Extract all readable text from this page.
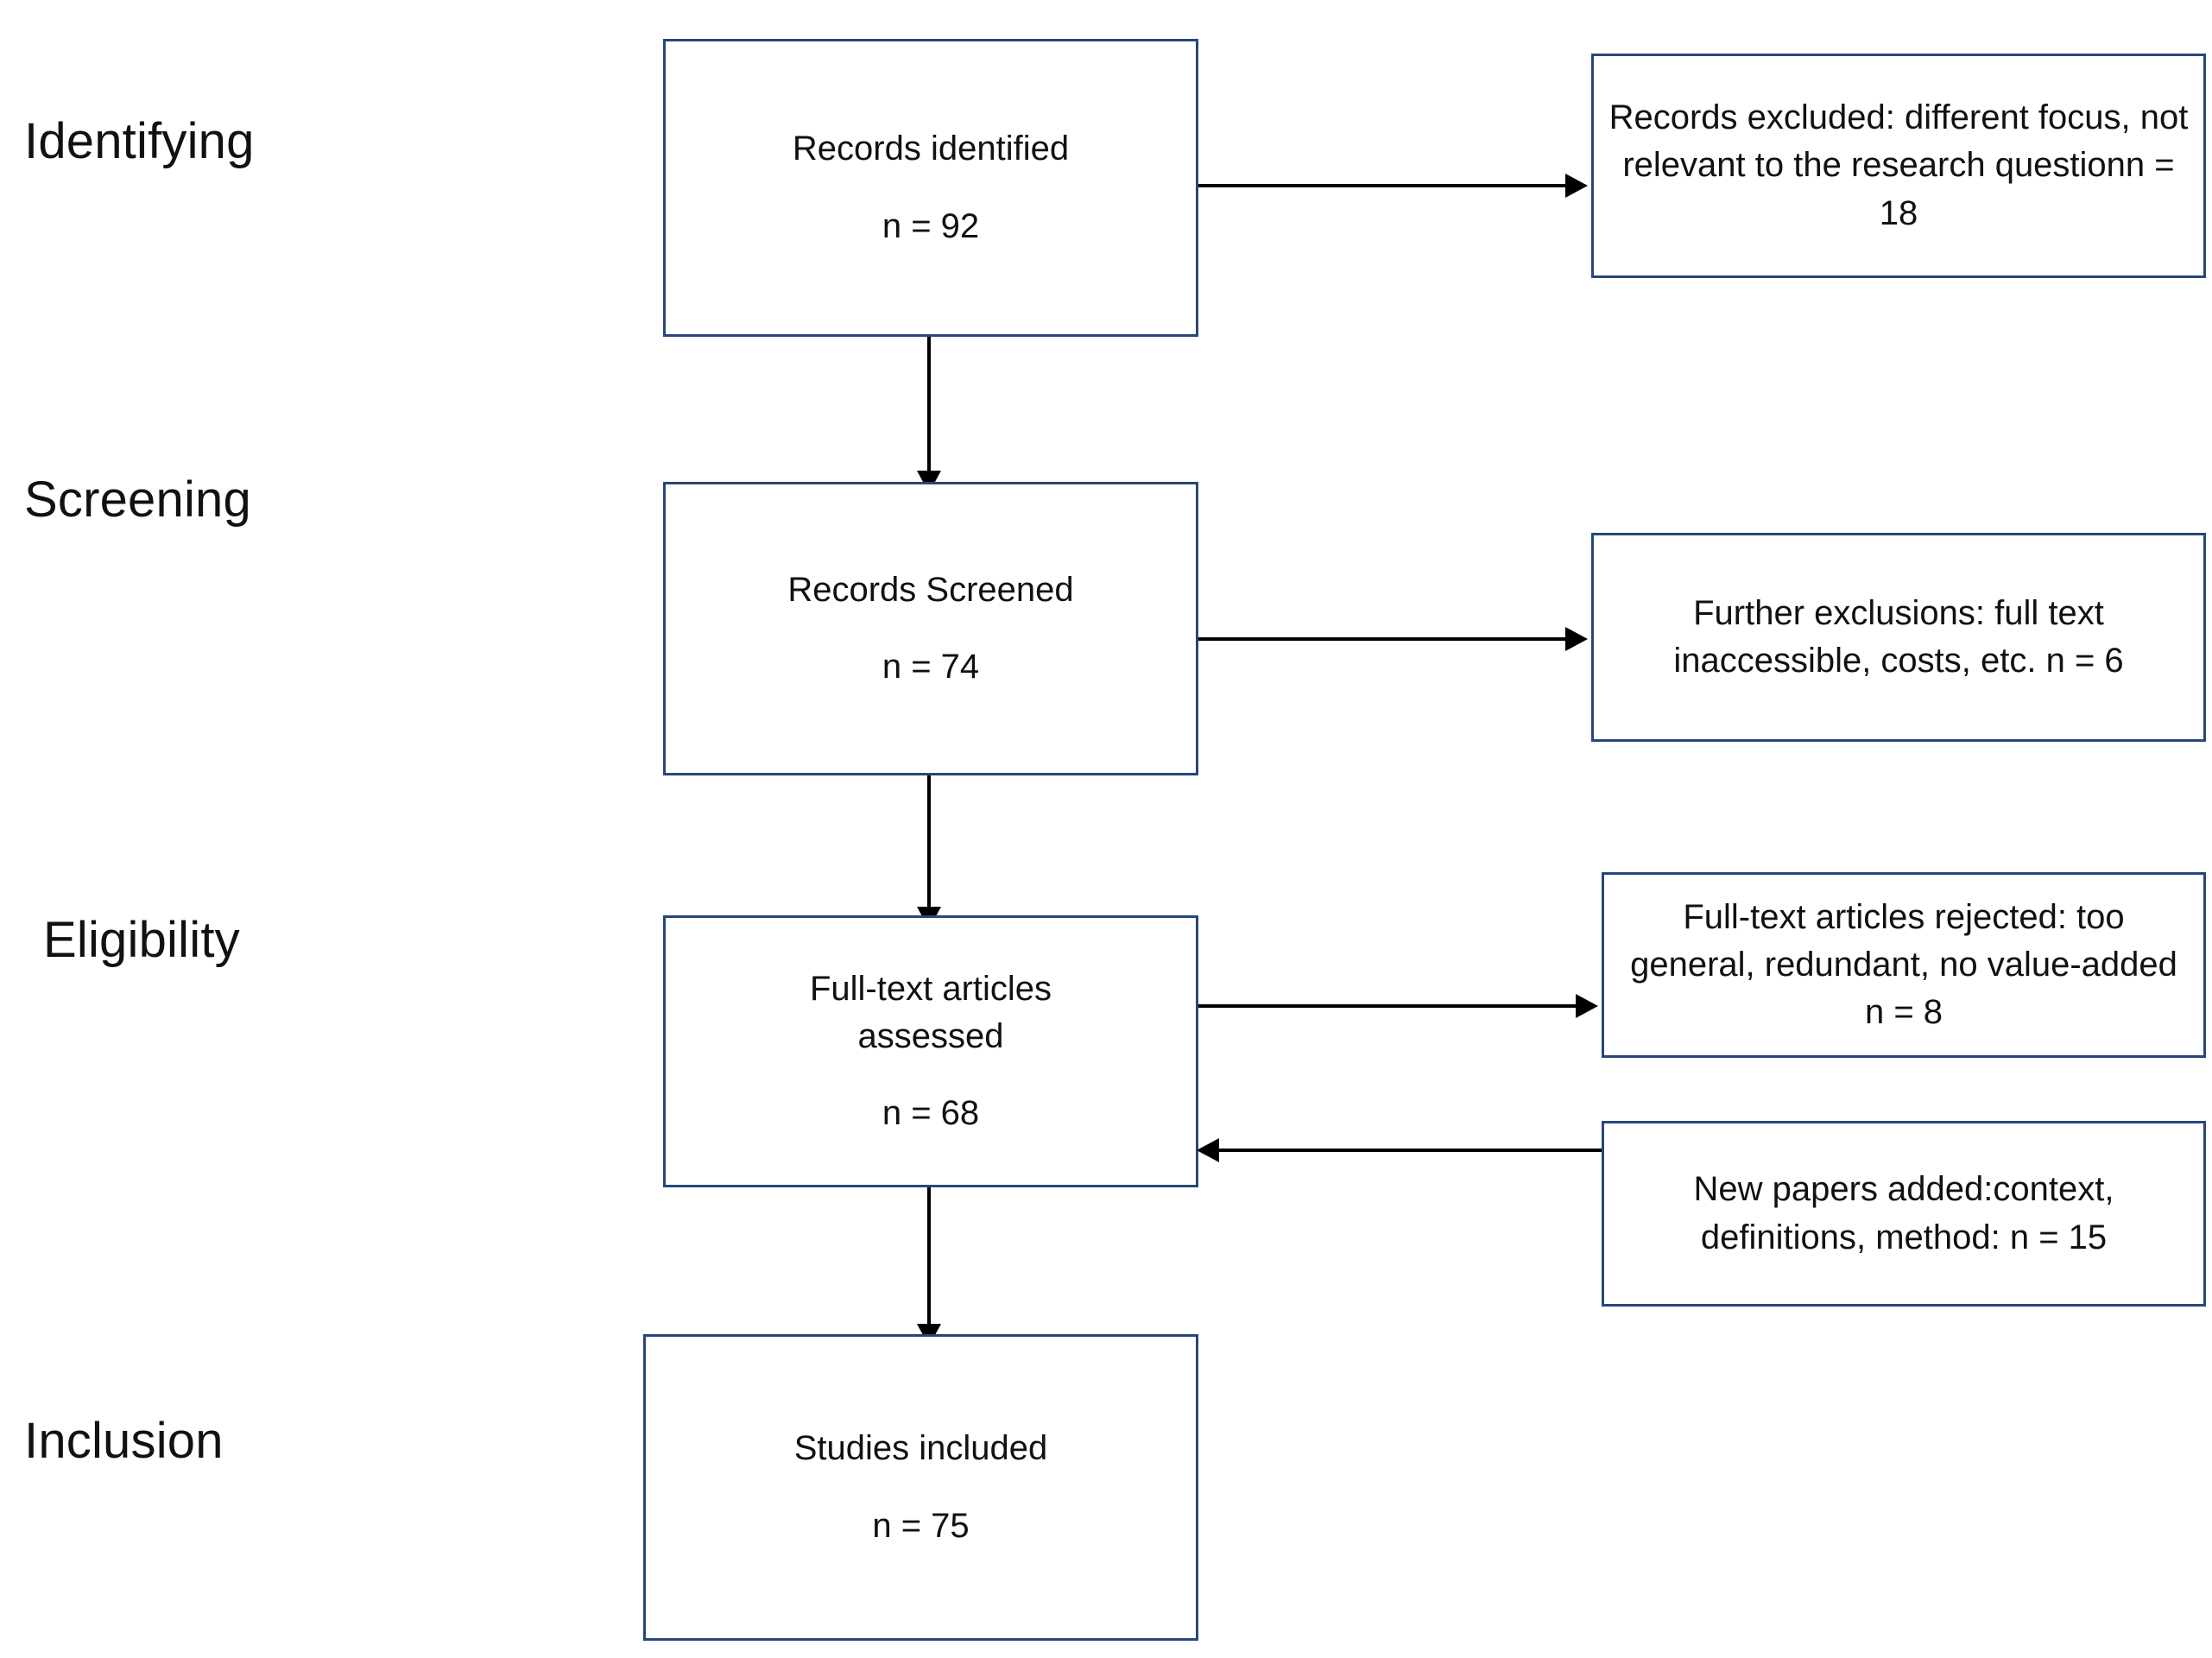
Identifying
Screening
Eligibility
Inclusion
Records identified
n = 92
Records excluded: different focus, not relevant to the research questionn = 18
Records Screened
n = 74
Further exclusions: full text inaccessible, costs, etc. n = 6
Full-text articles
assessed
n = 68
Full-text articles rejected: too general, redundant, no value-added n = 8
New papers added:context, definitions, method: n = 15
Studies included
n = 75
